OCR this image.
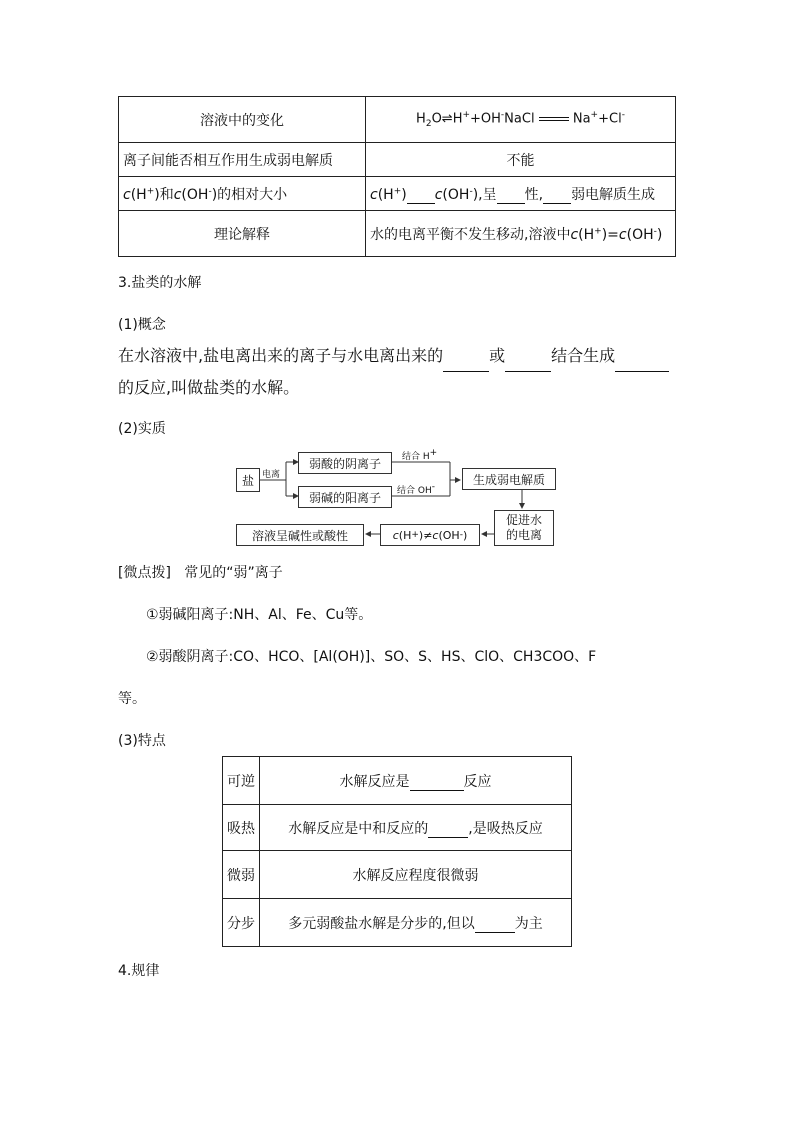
溶液中的变化	$H_2O\rightleftharpoons H^++OH^-NaCl$ Na++Cl-
离子间能否相互作用生成弱电解质	不能
c(H+)和c(OH-)的相对大小	c(H+) c(OH-),呈 性, 弱电解质生成
理论解释	水的电离平衡不发生移动,溶液中c(H+)=c(OH-)
3.盐类的水解
(1)概念
在水溶液中,盐电离出来的离子与水电离出来的	或	结合生成
的反应,叫做盐类的水解。
(2)实质
盐 电离
弱酸的阴离子
弱碱的阳离子
结合 H+
结合 OH-
生成弱电解质
促进水
的电离
c (H + )≠ c (OH - )
溶液呈碱性或酸性
[微点拨] 常见的“弱”离子
①弱碱阳离子:NH、Al、Fe、Cu等。
②弱酸阴离子:CO、HCO、[Al(OH)]、SO、S、HS、ClO、CH3COO、F
等。
(3)特点
可逆	水解反应是 反应
吸热	水解反应是中和反应的 ,是吸热反应
微弱	水解反应程度很微弱
分步	多元弱酸盐水解是分步的,但以 为主
4.规律
